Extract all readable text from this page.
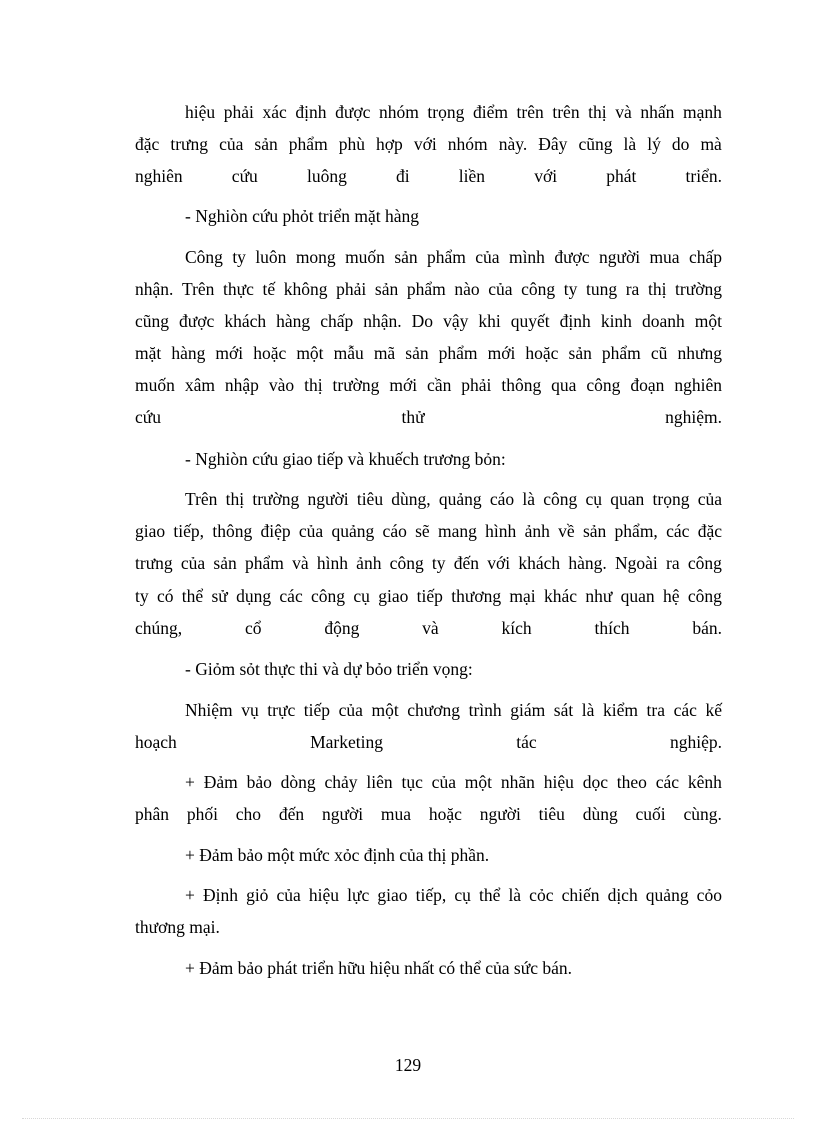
hiệu phải xác định được nhóm trọng điểm trên trên thị và nhấn mạnh
đặc trưng của sản phẩm phù hợp với nhóm này. Đây cũng là lý do mà
nghiên	cứu	luông	đi	liền	với	phát	triển.
- Nghiòn cứu phỏt triển mặt hàng
Công ty luôn mong muốn sản phẩm của mình được người mua chấp
nhận. Trên thực tế không phải sản phẩm nào của công ty tung ra thị trường
cũng được khách hàng chấp nhận. Do vậy khi quyết định kinh doanh một
mặt hàng mới hoặc một mẫu mã sản phẩm mới hoặc sản phẩm cũ nhưng
muốn xâm nhập vào thị trường mới cần phải thông qua công đoạn nghiên
cứu	thử	nghiệm.
- Nghiòn cứu giao tiếp và khuếch trương bỏn:
Trên thị trường người tiêu dùng, quảng cáo là công cụ quan trọng của
giao tiếp, thông điệp của quảng cáo sẽ mang hình ảnh về sản phẩm, các đặc
trưng của sản phẩm và hình ảnh công ty đến với khách hàng. Ngoài ra công
ty có thể sử dụng các công cụ giao tiếp thương mại khác như quan hệ công
chúng,	cổ	động	và	kích	thích	bán.
- Giỏm sỏt thực thi và dự bỏo triển vọng:
Nhiệm vụ trực tiếp của một chương trình giám sát là kiểm tra các kế
hoạch	Marketing	tác	nghiệp.
+ Đảm bảo dòng chảy liên tục của một nhãn hiệu dọc theo các kênh
phân phối cho đến người mua hoặc người tiêu dùng cuối cùng.
+ Đảm bảo một mức xỏc định của thị phần.
+ Định giỏ của hiệu lực giao tiếp, cụ thể là cỏc chiến dịch quảng cỏo
thương mại.
+ Đảm bảo phát triển hữu hiệu nhất có thể của sức bán.
129
